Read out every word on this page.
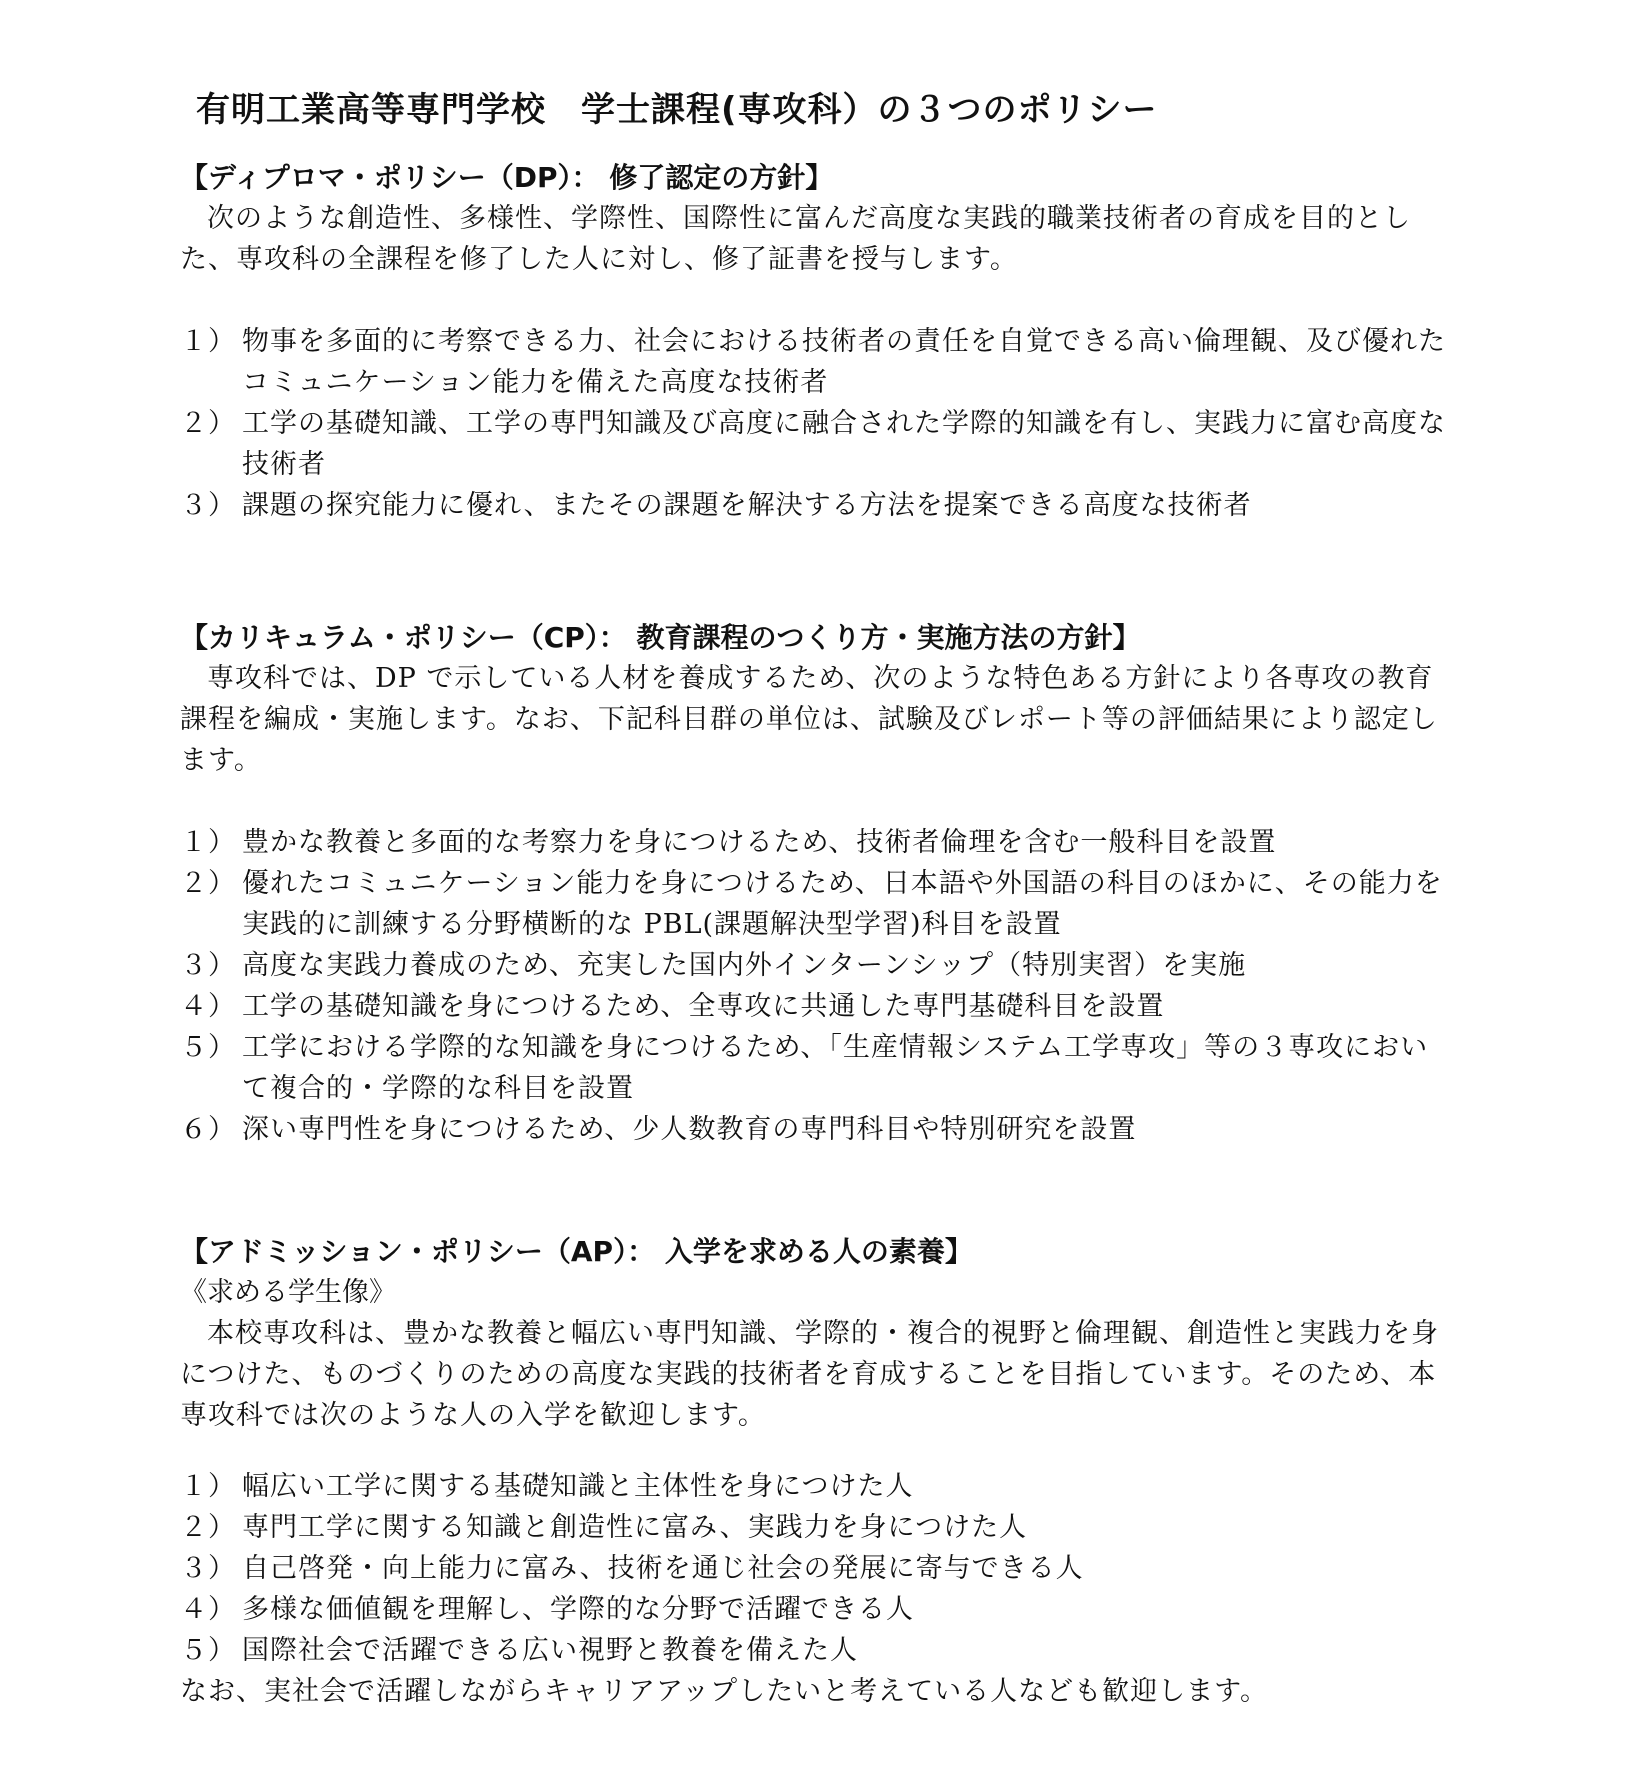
有明工業高等専門学校　学士課程(専攻科）の３つのポリシー
【ディプロマ・ポリシー（DP）： 修了認定の方針】

次のような創造性、多様性、学際性、国際性に富んだ高度な実践的職業技術者の育成を目的とした、専攻科の全課程を修了した人に対し、修了証書を授与します。

１） 物事を多面的に考察できる力、社会における技術者の責任を自覚できる高い倫理観、及び優れたコミュニケーション能力を備えた高度な技術者
２） 工学の基礎知識、工学の専門知識及び高度に融合された学際的知識を有し、実践力に富む高度な技術者
３） 課題の探究能力に優れ、またその課題を解決する方法を提案できる高度な技術者
【カリキュラム・ポリシー（CP）： 教育課程のつくり方・実施方法の方針】

専攻科では、DP で示している人材を養成するため、次のような特色ある方針により各専攻の教育課程を編成・実施します。なお、下記科目群の単位は、試験及びレポート等の評価結果により認定します。

１） 豊かな教養と多面的な考察力を身につけるため、技術者倫理を含む一般科目を設置
２） 優れたコミュニケーション能力を身につけるため、日本語や外国語の科目のほかに、その能力を実践的に訓練する分野横断的な PBL(課題解決型学習)科目を設置
３） 高度な実践力養成のため、充実した国内外インターンシップ（特別実習）を実施
４） 工学の基礎知識を身につけるため、全専攻に共通した専門基礎科目を設置
５） 工学における学際的な知識を身につけるため、「生産情報システム工学専攻」等の３専攻において複合的・学際的な科目を設置
６） 深い専門性を身につけるため、少人数教育の専門科目や特別研究を設置
【アドミッション・ポリシー（AP）： 入学を求める人の素養】
《求める学生像》

本校専攻科は、豊かな教養と幅広い専門知識、学際的・複合的視野と倫理観、創造性と実践力を身につけた、ものづくりのための高度な実践的技術者を育成することを目指しています。そのため、本専攻科では次のような人の入学を歓迎します。

１） 幅広い工学に関する基礎知識と主体性を身につけた人
２） 専門工学に関する知識と創造性に富み、実践力を身につけた人
３） 自己啓発・向上能力に富み、技術を通じ社会の発展に寄与できる人
４） 多様な価値観を理解し、学際的な分野で活躍できる人
５） 国際社会で活躍できる広い視野と教養を備えた人
なお、実社会で活躍しながらキャリアアップしたいと考えている人なども歓迎します。
